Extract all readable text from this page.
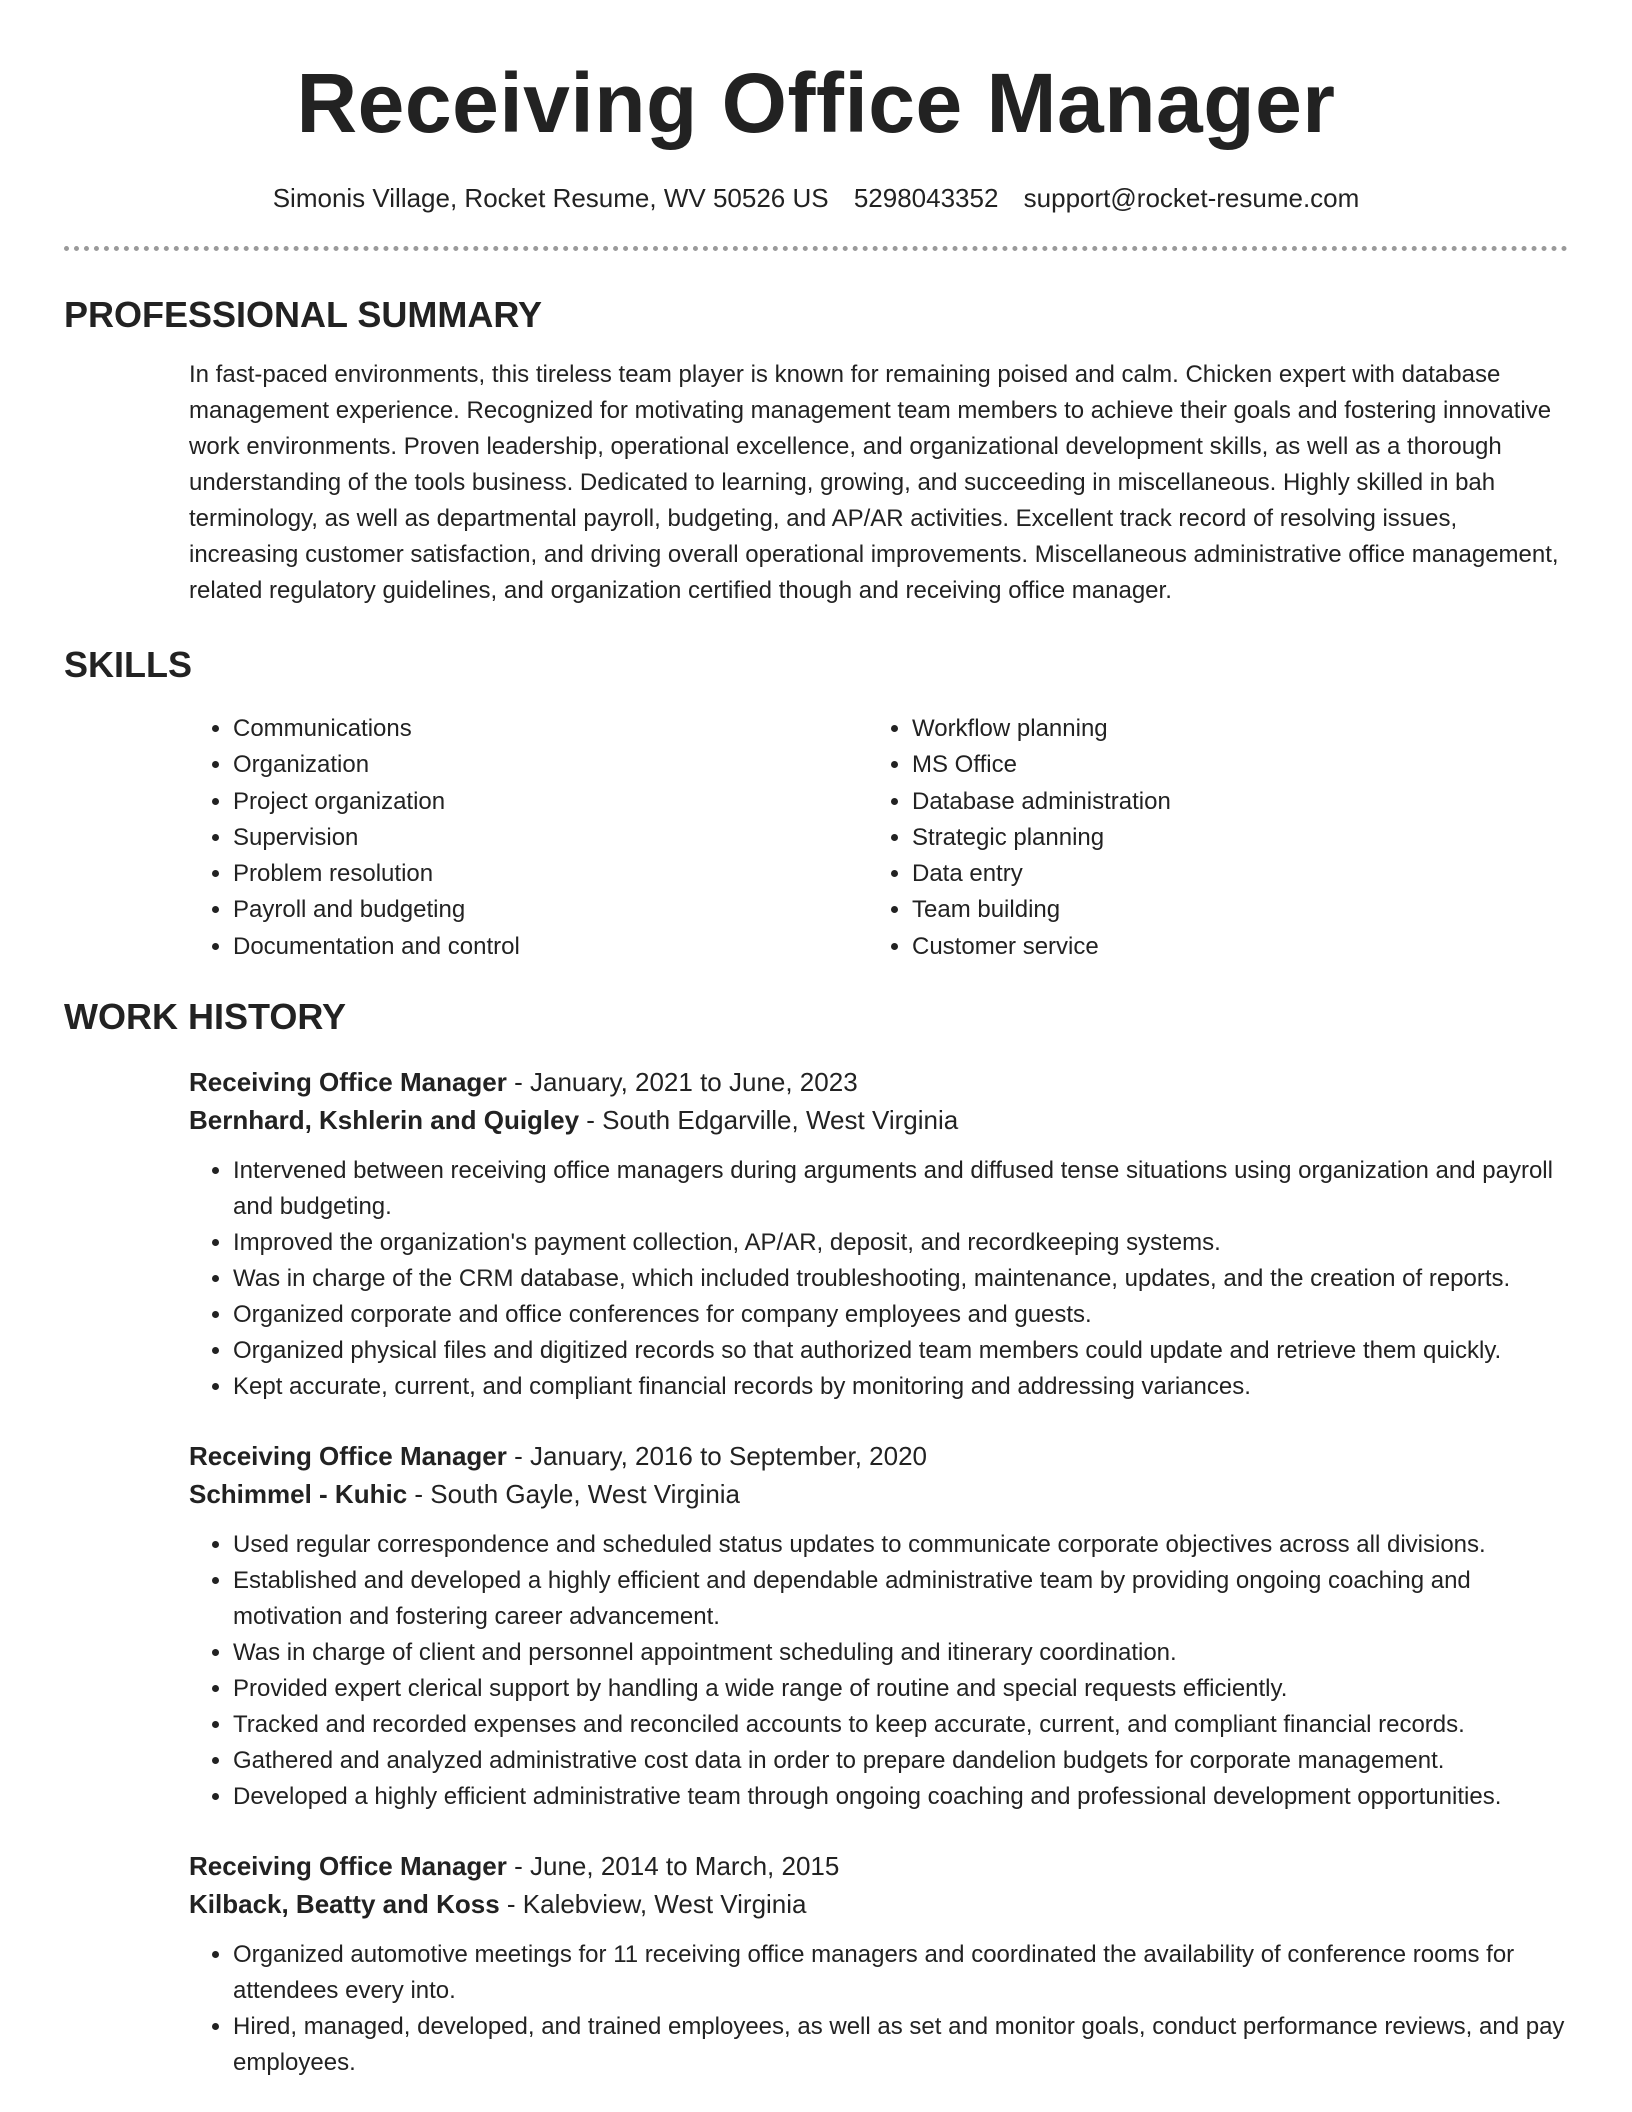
Receiving Office Manager
Simonis Village, Rocket Resume, WV 50526 US 5298043352 support@rocket-resume.com
PROFESSIONAL SUMMARY

In fast-paced environments, this tireless team player is known for remaining poised and calm. Chicken expert with database management experience. Recognized for motivating management team members to achieve their goals and fostering innovative work environments. Proven leadership, operational excellence, and organizational development skills, as well as a thorough understanding of the tools business. Dedicated to learning, growing, and succeeding in miscellaneous. Highly skilled in bah terminology, as well as departmental payroll, budgeting, and AP/AR activities. Excellent track record of resolving issues, increasing customer satisfaction, and driving overall operational improvements. Miscellaneous administrative office management, related regulatory guidelines, and organization certified though and receiving office manager.

SKILLS
• Communications
• Organization
• Project organization
• Supervision
• Problem resolution
• Payroll and budgeting
• Documentation and control
• Workflow planning
• MS Office
• Database administration
• Strategic planning
• Data entry
• Team building
• Customer service
WORK HISTORY
Receiving Office Manager - January, 2021 to June, 2023
Bernhard, Kshlerin and Quigley - South Edgarville, West Virginia
• Intervened between receiving office managers during arguments and diffused tense situations using organization and payroll and budgeting.
• Improved the organization's payment collection, AP/AR, deposit, and recordkeeping systems.
• Was in charge of the CRM database, which included troubleshooting, maintenance, updates, and the creation of reports.
• Organized corporate and office conferences for company employees and guests.
• Organized physical files and digitized records so that authorized team members could update and retrieve them quickly.
• Kept accurate, current, and compliant financial records by monitoring and addressing variances.
Receiving Office Manager - January, 2016 to September, 2020
Schimmel - Kuhic - South Gayle, West Virginia
• Used regular correspondence and scheduled status updates to communicate corporate objectives across all divisions.
• Established and developed a highly efficient and dependable administrative team by providing ongoing coaching and motivation and fostering career advancement.
• Was in charge of client and personnel appointment scheduling and itinerary coordination.
• Provided expert clerical support by handling a wide range of routine and special requests efficiently.
• Tracked and recorded expenses and reconciled accounts to keep accurate, current, and compliant financial records.
• Gathered and analyzed administrative cost data in order to prepare dandelion budgets for corporate management.
• Developed a highly efficient administrative team through ongoing coaching and professional development opportunities.
Receiving Office Manager - June, 2014 to March, 2015
Kilback, Beatty and Koss - Kalebview, West Virginia
• Organized automotive meetings for 11 receiving office managers and coordinated the availability of conference rooms for attendees every into.
• Hired, managed, developed, and trained employees, as well as set and monitor goals, conduct performance reviews, and pay employees.
